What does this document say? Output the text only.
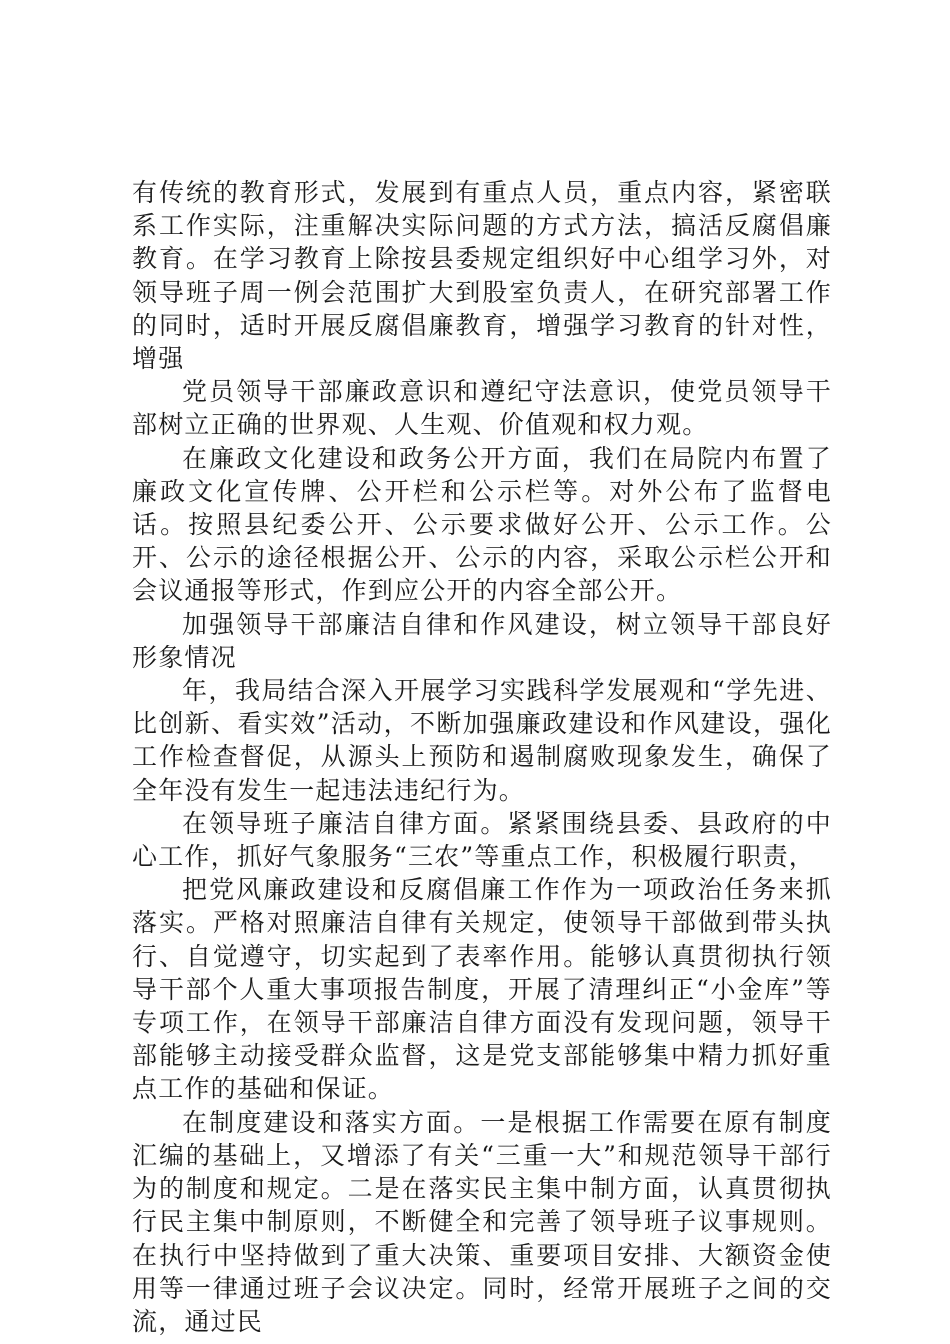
有传统的教育形式，发展到有重点人员，重点内容，紧密联系工作实际，注重解决实际问题的方式方法，搞活反腐倡廉教育。在学习教育上除按县委规定组织好中心组学习外，对领导班子周一例会范围扩大到股室负责人，在研究部署工作的同时，适时开展反腐倡廉教育，增强学习教育的针对性，增强

党员领导干部廉政意识和遵纪守法意识，使党员领导干部树立正确的世界观、人生观、价值观和权力观。

在廉政文化建设和政务公开方面，我们在局院内布置了廉政文化宣传牌、公开栏和公示栏等。对外公布了监督电话。按照县纪委公开、公示要求做好公开、公示工作。公开、公示的途径根据公开、公示的内容，采取公示栏公开和会议通报等形式，作到应公开的内容全部公开。

加强领导干部廉洁自律和作风建设，树立领导干部良好形象情况

年，我局结合深入开展学习实践科学发展观和“学先进、比创新、看实效”活动，不断加强廉政建设和作风建设，强化工作检查督促，从源头上预防和遏制腐败现象发生，确保了全年没有发生一起违法违纪行为。

在领导班子廉洁自律方面。紧紧围绕县委、县政府的中心工作，抓好气象服务“三农”等重点工作，积极履行职责，

把党风廉政建设和反腐倡廉工作作为一项政治任务来抓落实。严格对照廉洁自律有关规定，使领导干部做到带头执行、自觉遵守，切实起到了表率作用。能够认真贯彻执行领导干部个人重大事项报告制度，开展了清理纠正“小金库”等专项工作，在领导干部廉洁自律方面没有发现问题，领导干部能够主动接受群众监督，这是党支部能够集中精力抓好重点工作的基础和保证。

在制度建设和落实方面。一是根据工作需要在原有制度汇编的基础上，又增添了有关“三重一大”和规范领导干部行为的制度和规定。二是在落实民主集中制方面，认真贯彻执行民主集中制原则，不断健全和完善了领导班子议事规则。在执行中坚持做到了重大决策、重要项目安排、大额资金使用等一律通过班子会议决定。同时，经常开展班子之间的交流，通过民
